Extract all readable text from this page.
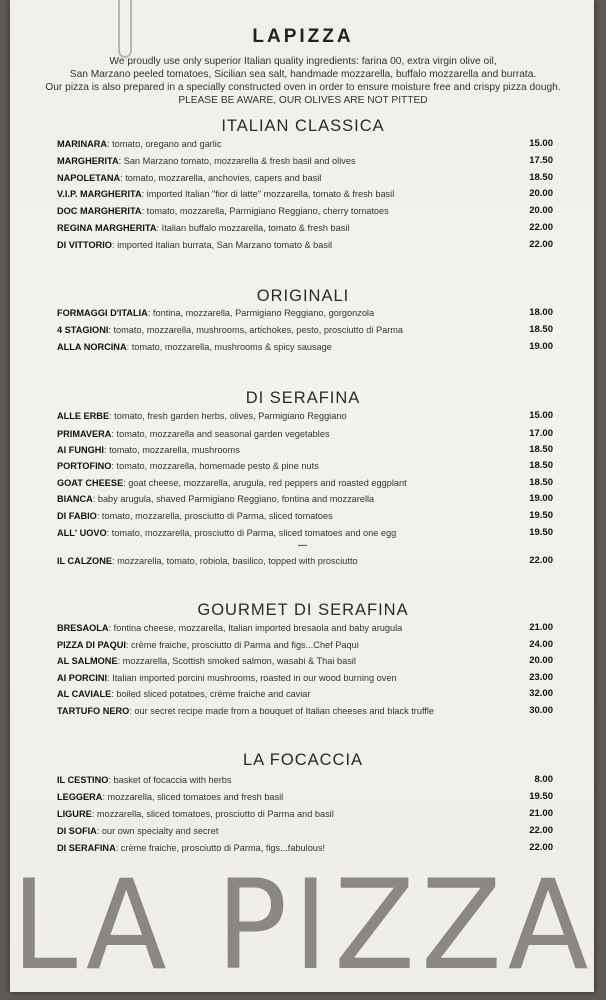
LAPIZZA
We proudly use only superior Italian quality ingredients: farina 00, extra virgin olive oil,
San Marzano peeled tomatoes, Sicilian sea salt, handmade mozzarella, buffalo mozzarella and burrata.
Our pizza is also prepared in a specially constructed oven in order to ensure moisture free and crispy pizza dough.
PLEASE BE AWARE, OUR OLIVES ARE NOT PITTED
ITALIAN CLASSICA
MARINARA: tomato, oregano and garlic	15.00
MARGHERITA: San Marzano tomato, mozzarella & fresh basil and olives	17.50
NAPOLETANA: tomato, mozzarella, anchovies, capers and basil	18.50
V.I.P. MARGHERITA: imported Italian "fior di latte" mozzarella, tomato & fresh basil	20.00
DOC MARGHERITA: tomato, mozzarella, Parmigiano Reggiano, cherry tomatoes	20.00
REGINA MARGHERITA: Italian buffalo mozzarella, tomato & fresh basil	22.00
DI VITTORIO: imported Italian burrata, San Marzano tomato & basil	22.00
ORIGINALI
FORMAGGI D'ITALIA: fontina, mozzarella, Parmigiano Reggiano, gorgonzola	18.00
4 STAGIONI: tomato, mozzarella, mushrooms, artichokes, pesto, prosciutto di Parma	18.50
ALLA NORCINA: tomato, mozzarella, mushrooms & spicy sausage	19.00
DI SERAFINA
ALLE ERBE: tomato, fresh garden herbs, olives, Parmigiano Reggiano	15.00
PRIMAVERA: tomato, mozzarella and seasonal garden vegetables	17.00
AI FUNGHI: tomato, mozzarella, mushrooms	18.50
PORTOFINO: tomato, mozzarella, homemade pesto & pine nuts	18.50
GOAT CHEESE: goat cheese, mozzarella, arugula, red peppers and roasted eggplant	18.50
BIANCA: baby arugula, shaved Parmigiano Reggiano, fontina and mozzarella	19.00
DI FABIO: tomato, mozzarella, prosciutto di Parma, sliced tomatoes	19.50
ALL' UOVO: tomato, mozzarella, prosciutto di Parma, sliced tomatoes and one egg	19.50
---
IL CALZONE: mozzarella, tomato, robiola, basilico, topped with prosciutto	22.00
GOURMET DI SERAFINA
BRESAOLA: fontina cheese, mozzarella, Italian imported bresaola and baby arugula	21.00
PIZZA DI PAQUI: crème fraiche, prosciutto di Parma and figs...Chef Paqui	24.00
AL SALMONE: mozzarella, Scottish smoked salmon, wasabi & Thai basil	20.00
AI PORCINI: Italian imported porcini mushrooms, roasted in our wood burning oven	23.00
AL CAVIALE: boiled sliced potatoes, crème fraiche and caviar	32.00
TARTUFO NERO: our secret recipe made from a bouquet of Italian cheeses and black truffle	30.00
LA FOCACCIA
IL CESTINO: basket of focaccia with herbs	8.00
LEGGERA: mozzarella, sliced tomatoes and fresh basil	19.50
LIGURE: mozzarella, sliced tomatoes, prosciutto di Parma and basil	21.00
DI SOFIA: our own specialty and secret	22.00
DI SERAFINA: crème fraiche, prosciutto di Parma, figs...fabulous!	22.00
LA PIZZA
